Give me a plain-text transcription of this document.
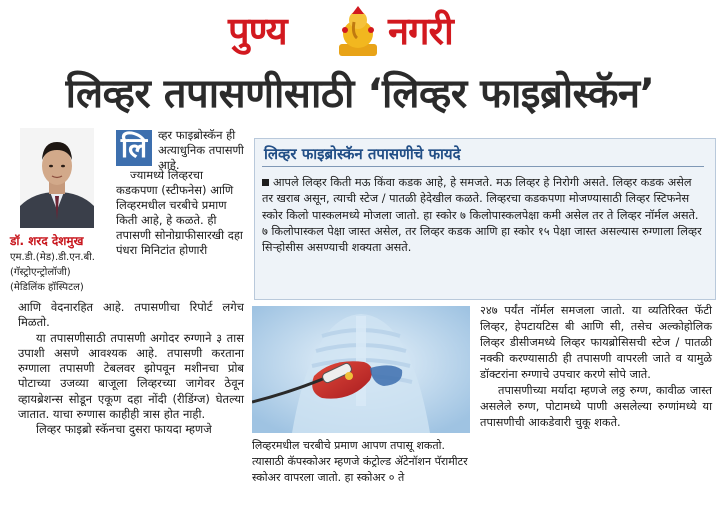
पुण्य	नगरी
लिव्हर तपासणीसाठी ‘लिव्हर फाइब्रोस्कॅन’
डॉ. शरद देशमुख
एम.डी.(मेड).डी.एन.बी.
(गॅस्ट्रोएन्ट्रोलॉजी)
(मेडिलिंक हॉस्पिटल)
लि व्हर फाइब्रोस्कॅन ही अत्याधुनिक तपासणी आहे.

ज्यामध्ये लिव्हरचा कडकपणा (स्टीफनेस) आणि लिव्हरमधील चरबीचे प्रमाण किती आहे, हे कळते. ही तपासणी सोनोग्राफीसारखी दहा पंधरा मिनिटांत होणारी

आणि वेदनारहित आहे. तपासणीचा रिपोर्ट लगेच मिळतो.

या तपासणीसाठी तपासणी अगोदर रुग्णाने ३ तास उपाशी असणे आवश्यक आहे. तपासणी करताना रुग्णाला तपासणी टेबलवर झोपवून मशीनचा प्रोब पोटाच्या उजव्या बाजूला लिव्हरच्या जागेवर ठेवून व्हायब्रेशन्स सोडून एकूण दहा नोंदी (रीडिंग्ज) घेतल्या जातात. याचा रुग्णास काहीही त्रास होत नाही.

लिव्हर फाइब्रो स्कॅनचा दुसरा फायदा म्हणजे

लिव्हर फाइब्रोस्कॅन तपासणीचे फायदे
आपले लिव्हर किती मऊ किंवा कडक आहे, हे समजते. मऊ लिव्हर हे निरोगी असते. लिव्हर कडक असेल तर खराब असून, त्याची स्टेज / पातळी हेदेखील कळते. लिव्हरचा कडकपणा मोजण्यासाठी लिव्हर स्टिफनेस स्कोर किलो पास्कलमध्ये मोजला जातो. हा स्कोर ७ किलोपास्कलपेक्षा कमी असेल तर ते लिव्हर नॉर्मल असते. ७ किलोपास्कल पेक्षा जास्त असेल, तर लिव्हर कडक आणि हा स्कोर १५ पेक्षा जास्त असल्यास रुग्णाला लिव्हर सिऱ्होसीस असण्याची शक्यता असते.
लिव्हरमधील चरबीचे प्रमाण आपण तपासू शकतो. त्यासाठी कॅपस्कोअर म्हणजे कंट्रोल्ड ॲटेनॉशन पॅरामीटर स्कोअर वापरला जातो. हा स्कोअर ० ते

२४७ पर्यंत नॉर्मल समजला जातो. या व्यतिरिक्त फॅटी लिव्हर, हेपटायटिस बी आणि सी, तसेच अल्कोहोलिक लिव्हर डीसीजमध्ये लिव्हर फायब्रोसिसची स्टेज / पातळी नक्की करण्यासाठी ही तपासणी वापरली जाते व यामुळे डॉक्टरांना रुग्णाचे उपचार करणे सोपे जाते.

तपासणीच्या मर्यादा म्हणजे लठ्ठ रुग्ण, कावीळ जास्त असलेले रुग्ण, पोटामध्ये पाणी असलेल्या रुग्णांमध्ये या तपासणीची आकडेवारी चुकू शकते.
